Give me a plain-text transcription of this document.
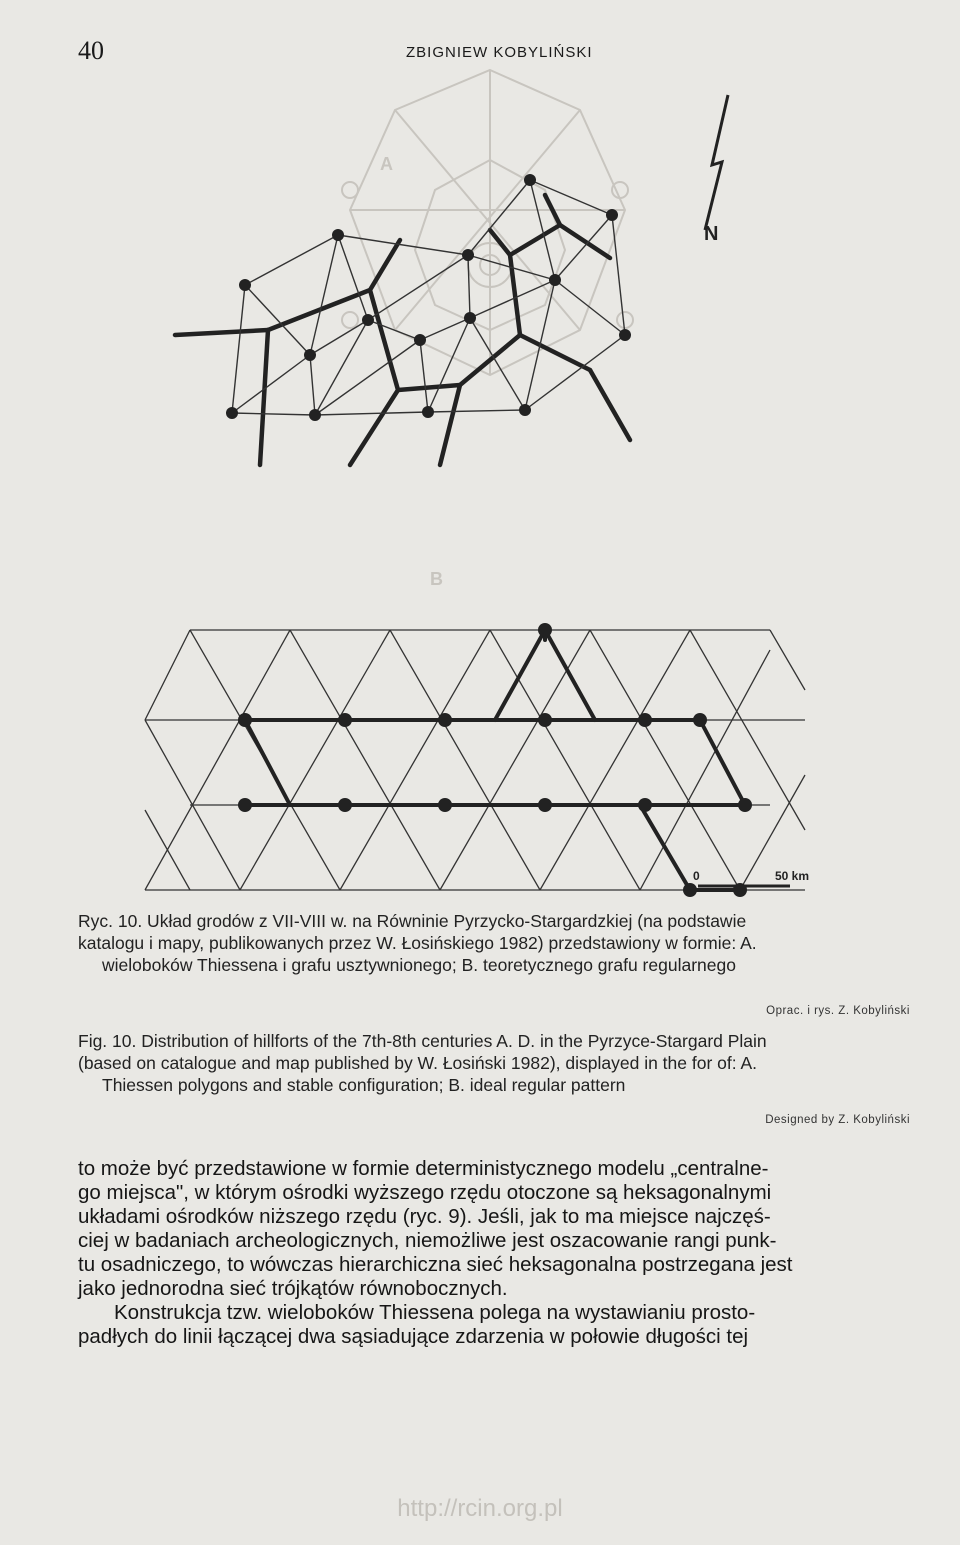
40	ZBIGNIEW KOBYLIŃSKI
A
B
N
0	50 km
Ryc. 10. Układ grodów z VII-VIII w. na Równinie Pyrzycko-Stargardzkiej (na podstawie
katalogu i mapy, publikowanych przez W. Łosińskiego 1982) przedstawiony w formie: A.
wieloboków Thiessena i grafu usztywnionego; B. teoretycznego grafu regularnego
Oprac. i rys. Z. Kobyliński
Fig. 10. Distribution of hillforts of the 7th-8th centuries A. D. in the Pyrzyce-Stargard Plain
(based on catalogue and map published by W. Łosiński 1982), displayed in the for of: A.
Thiessen polygons and stable configuration; B. ideal regular pattern
Designed by Z. Kobyliński
to może być przedstawione w formie deterministycznego modelu „centralne-
go miejsca", w którym ośrodki wyższego rzędu otoczone są heksagonalnymi
układami ośrodków niższego rzędu (ryc. 9). Jeśli, jak to ma miejsce najczęś-
ciej w badaniach archeologicznych, niemożliwe jest oszacowanie rangi punk-
tu osadniczego, to wówczas hierarchiczna sieć heksagonalna postrzegana jest
jako jednorodna sieć trójkątów równobocznych.
Konstrukcja tzw. wieloboków Thiessena polega na wystawianiu prosto-
padłych do linii łączącej dwa sąsiadujące zdarzenia w połowie długości tej
http://rcin.org.pl
